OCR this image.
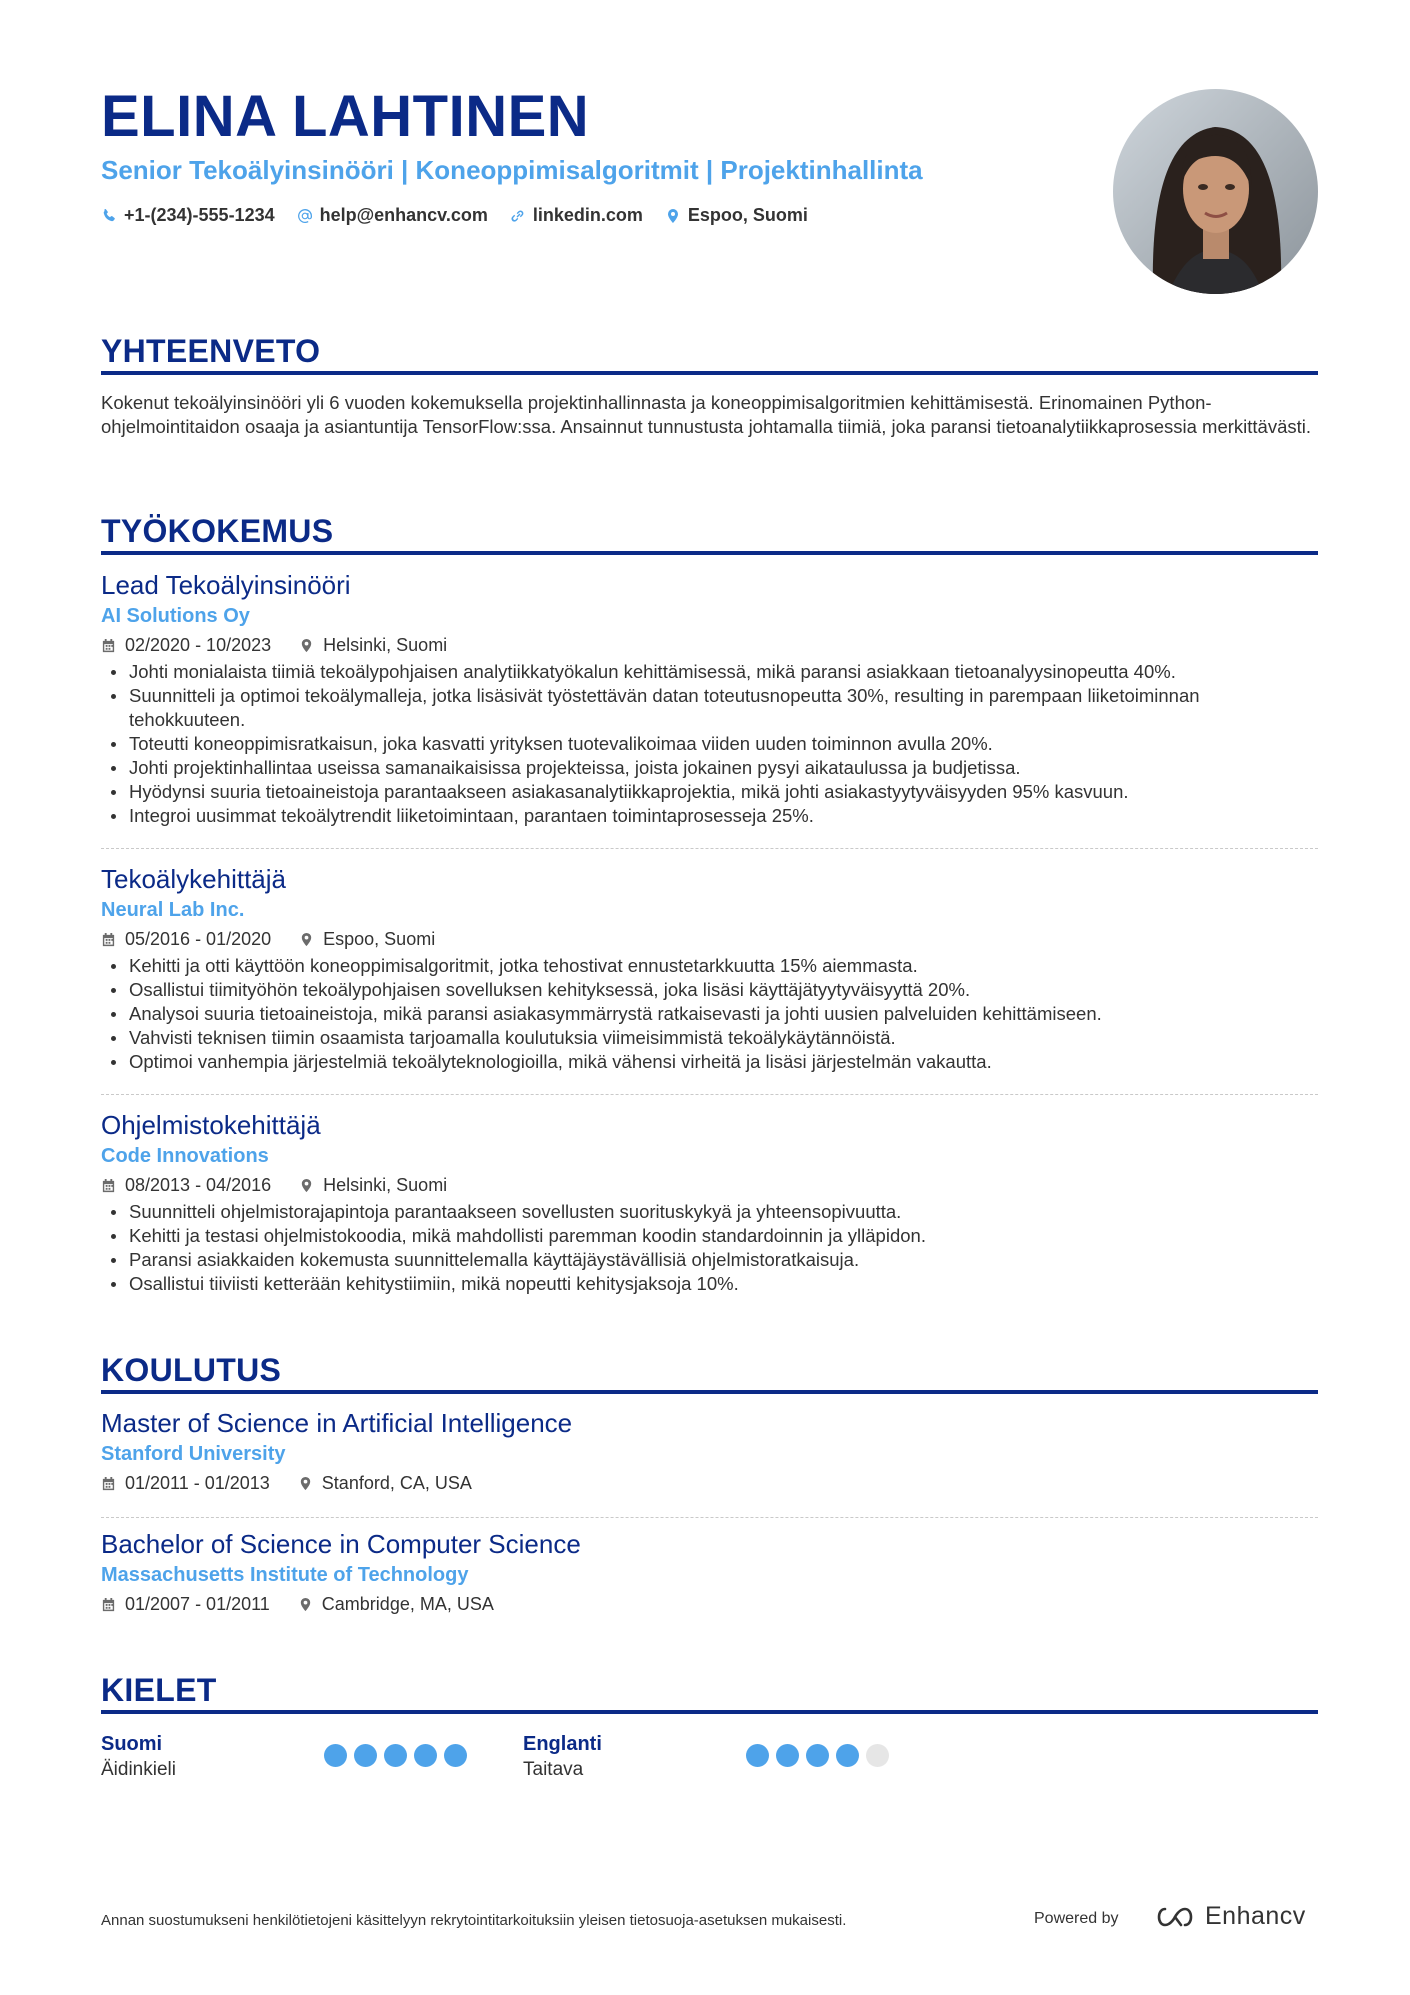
ELINA LAHTINEN

Senior Tekoälyinsinööri | Koneoppimisalgoritmit | Projektinhallinta

+1-(234)-555-1234	help@enhancv.com	linkedin.com	Espoo, Suomi
YHTEENVETO

Kokenut tekoälyinsinööri yli 6 vuoden kokemuksella projektinhallinnasta ja koneoppimisalgoritmien kehittämisestä. Erinomainen Python-ohjelmointitaidon osaaja ja asiantuntija TensorFlow:ssa. Ansainnut tunnustusta johtamalla tiimiä, joka paransi tietoanalytiikkaprosessia merkittävästi.

TYÖKOKEMUS
Lead Tekoälyinsinööri

AI Solutions Oy

02/2020 - 10/2023	Helsinki, Suomi
Johti monialaista tiimiä tekoälypohjaisen analytiikkatyökalun kehittämisessä, mikä paransi asiakkaan tietoanalyysinopeutta 40%.
Suunnitteli ja optimoi tekoälymalleja, jotka lisäsivät työstettävän datan toteutusnopeutta 30%, resulting in parempaan liiketoiminnan tehokkuuteen.
Toteutti koneoppimisratkaisun, joka kasvatti yrityksen tuotevalikoimaa viiden uuden toiminnon avulla 20%.
Johti projektinhallintaa useissa samanaikaisissa projekteissa, joista jokainen pysyi aikataulussa ja budjetissa.
Hyödynsi suuria tietoaineistoja parantaakseen asiakasanalytiikkaprojektia, mikä johti asiakastyytyväisyyden 95% kasvuun.
Integroi uusimmat tekoälytrendit liiketoimintaan, parantaen toimintaprosesseja 25%.
Tekoälykehittäjä

Neural Lab Inc.

05/2016 - 01/2020	Espoo, Suomi
Kehitti ja otti käyttöön koneoppimisalgoritmit, jotka tehostivat ennustetarkkuutta 15% aiemmasta.
Osallistui tiimityöhön tekoälypohjaisen sovelluksen kehityksessä, joka lisäsi käyttäjätyytyväisyyttä 20%.
Analysoi suuria tietoaineistoja, mikä paransi asiakasymmärrystä ratkaisevasti ja johti uusien palveluiden kehittämiseen.
Vahvisti teknisen tiimin osaamista tarjoamalla koulutuksia viimeisimmistä tekoälykäytännöistä.
Optimoi vanhempia järjestelmiä tekoälyteknologioilla, mikä vähensi virheitä ja lisäsi järjestelmän vakautta.
Ohjelmistokehittäjä

Code Innovations

08/2013 - 04/2016	Helsinki, Suomi
Suunnitteli ohjelmistorajapintoja parantaakseen sovellusten suorituskykyä ja yhteensopivuutta.
Kehitti ja testasi ohjelmistokoodia, mikä mahdollisti paremman koodin standardoinnin ja ylläpidon.
Paransi asiakkaiden kokemusta suunnittelemalla käyttäjäystävällisiä ohjelmistoratkaisuja.
Osallistui tiiviisti ketterään kehitystiimiin, mikä nopeutti kehitysjaksoja 10%.
KOULUTUS
Master of Science in Artificial Intelligence

Stanford University

01/2011 - 01/2013	Stanford, CA, USA
Bachelor of Science in Computer Science

Massachusetts Institute of Technology

01/2007 - 01/2011	Cambridge, MA, USA
KIELET

Suomi

Äidinkieli

Englanti

Taitava

Annan suostumukseni henkilötietojeni käsittelyyn rekrytointitarkoituksiin yleisen tietosuoja-asetuksen mukaisesti.	Powered by	Enhancv
